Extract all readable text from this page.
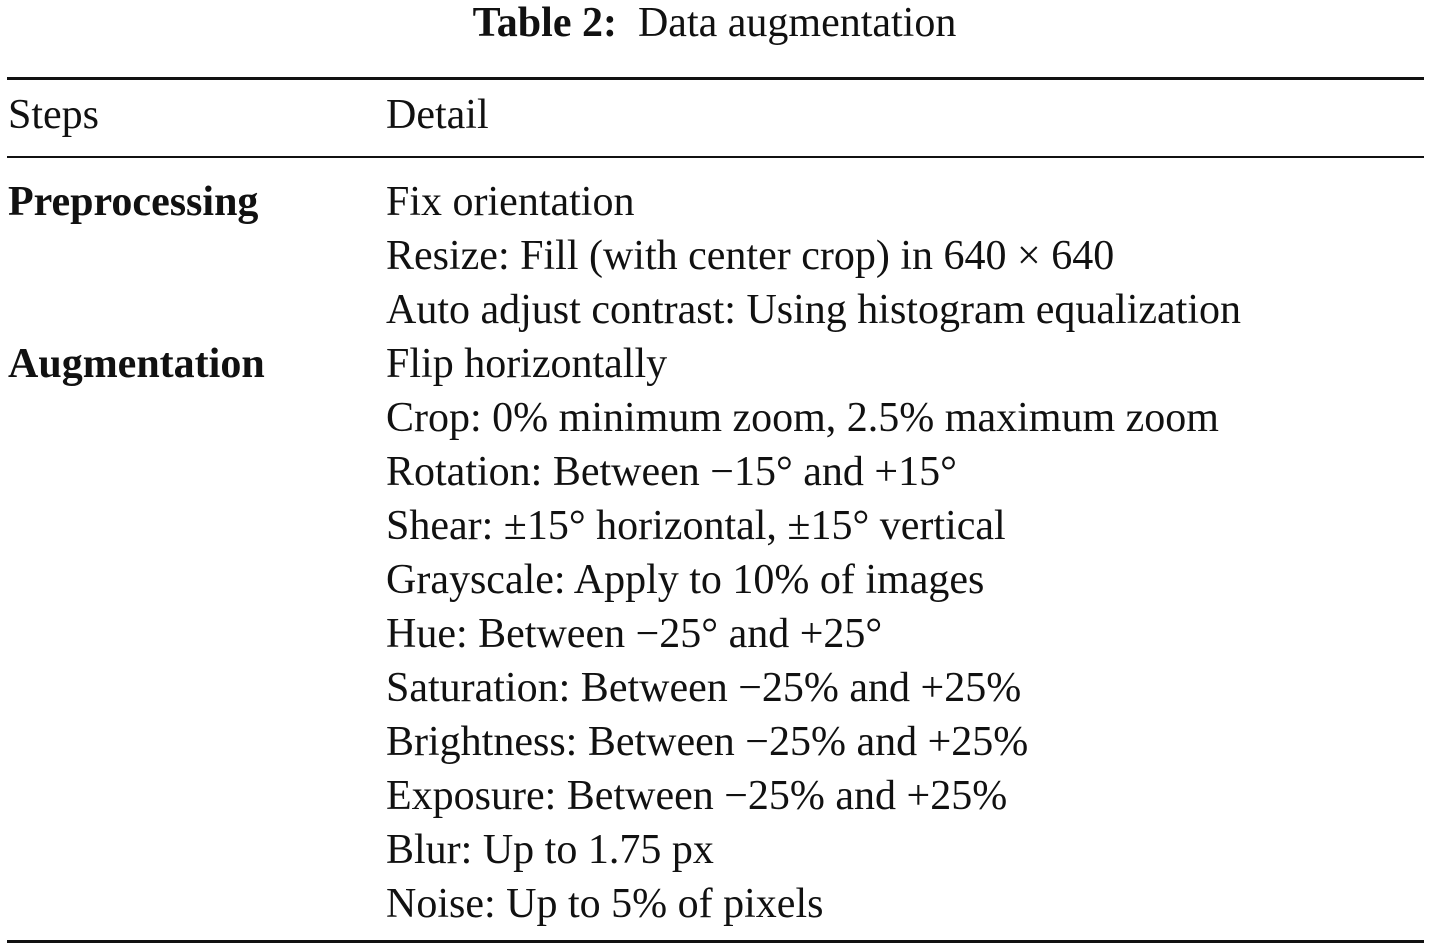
Table 2: Data augmentation
Steps	Detail
Preprocessing	Fix orientation
Resize: Fill (with center crop) in 640 × 640
Auto adjust contrast: Using histogram equalization
Augmentation	Flip horizontally
Crop: 0% minimum zoom, 2.5% maximum zoom
Rotation: Between −15° and +15°
Shear: ±15° horizontal, ±15° vertical
Grayscale: Apply to 10% of images
Hue: Between −25° and +25°
Saturation: Between −25% and +25%
Brightness: Between −25% and +25%
Exposure: Between −25% and +25%
Blur: Up to 1.75 px
Noise: Up to 5% of pixels
